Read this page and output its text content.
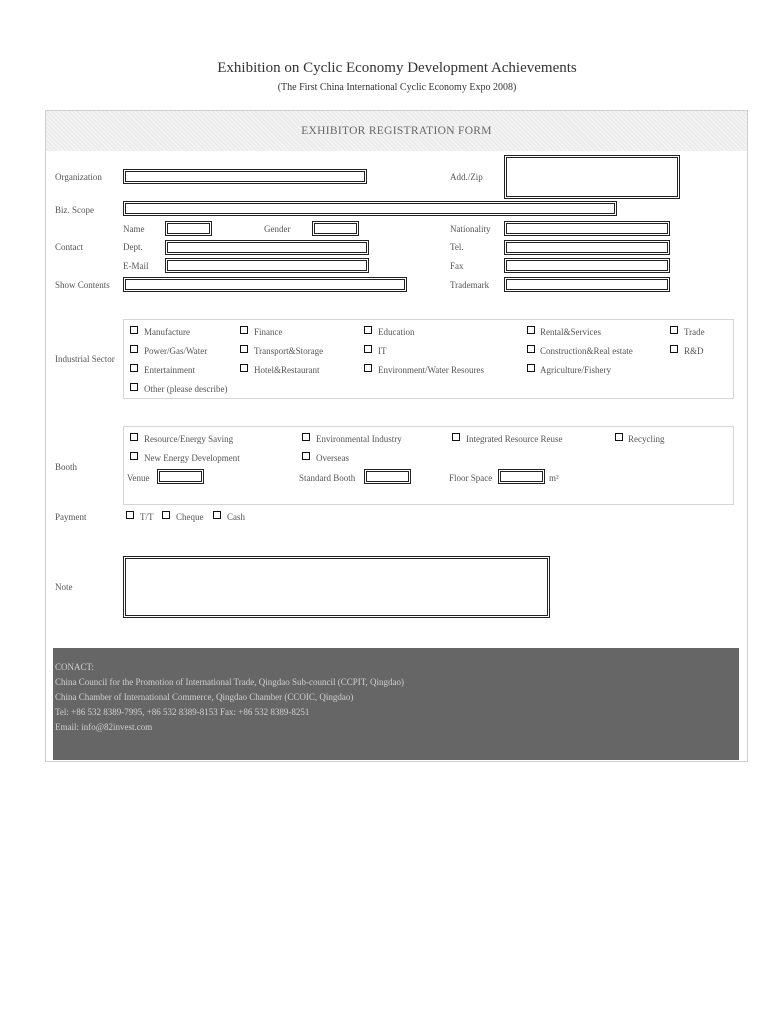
Exhibition on Cyclic Economy Development Achievements
(The First China International Cyclic Economy Expo 2008)
EXHIBITOR REGISTRATION FORM
Organization	Add./Zip
Biz. Scope
Name	Gender	Nationality
Contact	Dept.	Tel.
E-Mail	Fax
Show Contents	Trademark
Industrial Sector
Manufacture	Finance	Education	Rental&Services	Trade
Power/Gas/Water	Transport&Storage	IT	Construction&Real estate	R&D
Entertainment	Hotel&Restaurant	Environment/Water Resoures	Agriculture/Fishery
Other (please describe)
Booth
Resource/Energy Saving	Environmental Industry	Integrated Resource Reuse	Recycling
New Energy Development	Overseas
Venue	Standard Booth	Floor Space	m²
Payment	T/T	Cheque	Cash
Note
CONACT:
China Council for the Promotion of International Trade, Qingdao Sub-council (CCPIT, Qingdao)
China Chamber of International Commerce, Qingdao Chamber (CCOIC, Qingdao)
Tel: +86 532 8389-7995, +86 532 8389-8153 Fax: +86 532 8389-8251
Email: info@82invest.com
